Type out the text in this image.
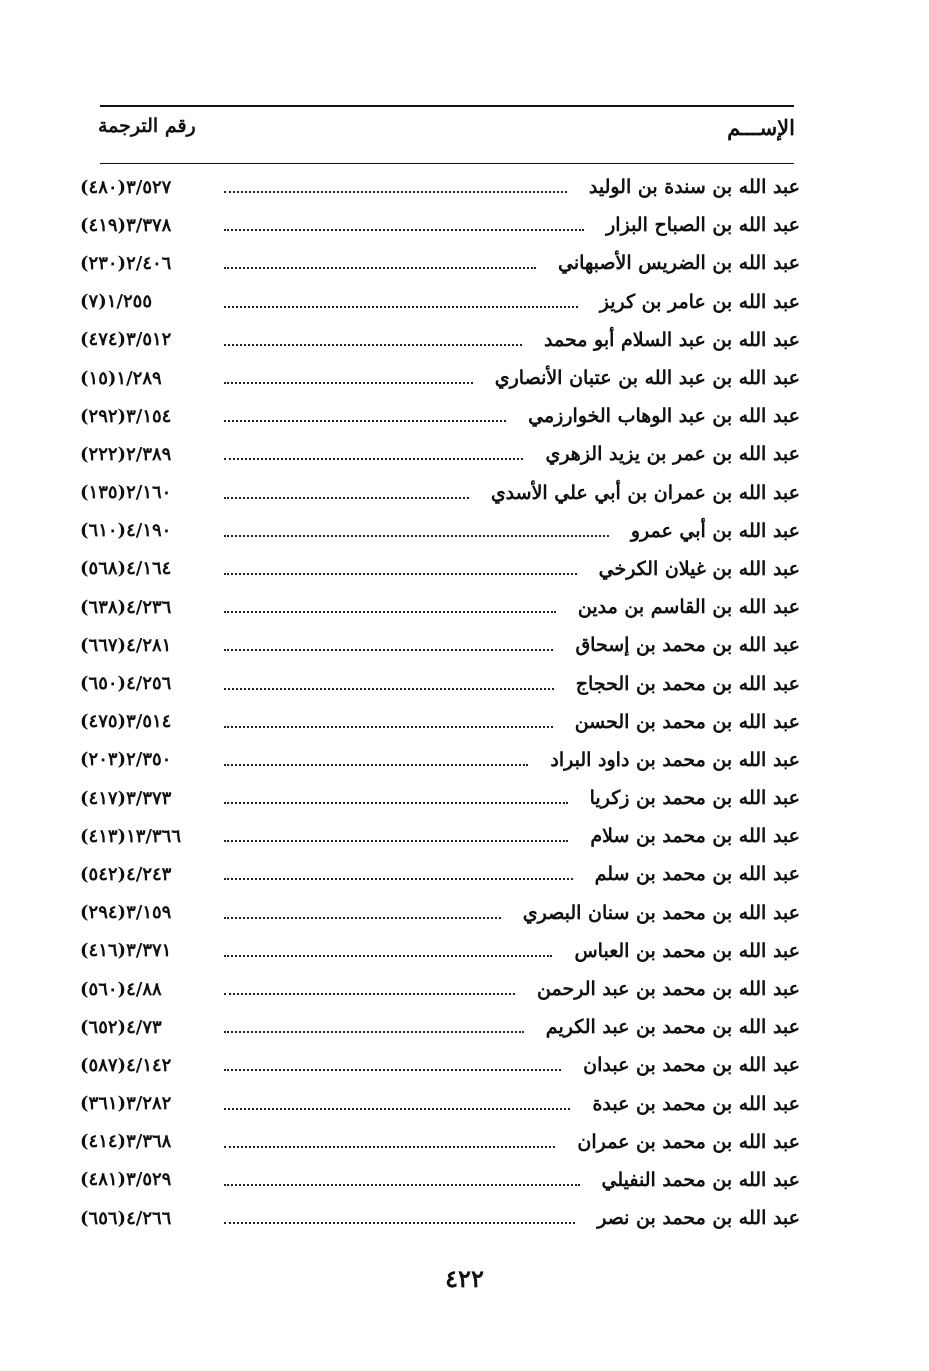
الإســـم
رقم الترجمة
عبد الله بن سندة بن الوليد
٣/٥٢٧(٤٨٠)
عبد الله بن الصباح البزار
٣/٣٧٨(٤١٩)
عبد الله بن الضريس الأصبهاني
٢/٤٠٦(٢٣٠)
عبد الله بن عامر بن كريز
١/٢٥٥(٧)
عبد الله بن عبد السلام أبو محمد
٣/٥١٢(٤٧٤)
عبد الله بن عبد الله بن عتبان الأنصاري
١/٢٨٩(١٥)
عبد الله بن عبد الوهاب الخوارزمي
٣/١٥٤(٢٩٢)
عبد الله بن عمر بن يزيد الزهري
٢/٣٨٩(٢٢٢)
عبد الله بن عمران بن أبي علي الأسدي
٢/١٦٠(١٣٥)
عبد الله بن أبي عمرو
٤/١٩٠(٦١٠)
عبد الله بن غيلان الكرخي
٤/١٦٤(٥٦٨)
عبد الله بن القاسم بن مدين
٤/٢٣٦(٦٣٨)
عبد الله بن محمد بن إسحاق
٤/٢٨١(٦٦٧)
عبد الله بن محمد بن الحجاج
٤/٢٥٦(٦٥٠)
عبد الله بن محمد بن الحسن
٣/٥١٤(٤٧٥)
عبد الله بن محمد بن داود البراد
٢/٣٥٠(٢٠٣)
عبد الله بن محمد بن زكريا
٣/٣٧٣(٤١٧)
عبد الله بن محمد بن سلام
١٣/٣٦٦(٤١٣)
عبد الله بن محمد بن سلم
٤/٢٤٣(٥٤٢)
عبد الله بن محمد بن سنان البصري
٣/١٥٩(٢٩٤)
عبد الله بن محمد بن العباس
٣/٣٧١(٤١٦)
عبد الله بن محمد بن عبد الرحمن
٤/٨٨(٥٦٠)
عبد الله بن محمد بن عبد الكريم
٤/٧٣(٦٥٢)
عبد الله بن محمد بن عبدان
٤/١٤٢(٥٨٧)
عبد الله بن محمد بن عبدة
٣/٢٨٢(٣٦١)
عبد الله بن محمد بن عمران
٣/٣٦٨(٤١٤)
عبد الله بن محمد النفيلي
٣/٥٢٩(٤٨١)
عبد الله بن محمد بن نصر
٤/٢٦٦(٦٥٦)
٤٢٢
